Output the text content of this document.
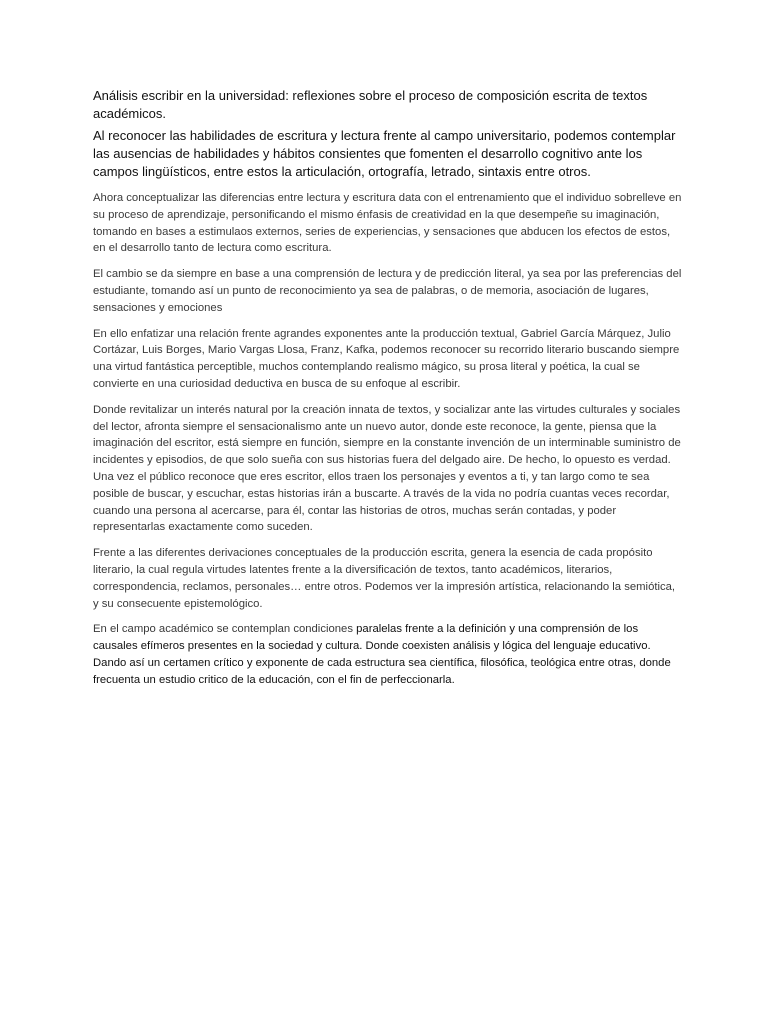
Análisis escribir en la universidad: reflexiones sobre el proceso de composición escrita de textos académicos.

Al reconocer las habilidades de escritura y lectura frente al campo universitario, podemos contemplar las ausencias de habilidades y hábitos consientes que fomenten el desarrollo cognitivo ante los campos lingüísticos, entre estos la articulación, ortografía, letrado, sintaxis entre otros.

Ahora conceptualizar las diferencias entre lectura y escritura data con el entrenamiento que el individuo sobrelleve en su proceso de aprendizaje, personificando el mismo énfasis de creatividad en la que desempeñe su imaginación, tomando en bases a estimulaos externos, series de experiencias, y sensaciones que abducen los efectos de estos, en el desarrollo tanto de lectura como escritura.

El cambio se da siempre en base a una comprensión de lectura y de predicción literal, ya sea por las preferencias del estudiante, tomando así un punto de reconocimiento ya sea de palabras, o de memoria, asociación de lugares, sensaciones y emociones

En ello enfatizar una relación frente agrandes exponentes ante la producción textual, Gabriel García Márquez, Julio Cortázar, Luis Borges, Mario Vargas Llosa, Franz, Kafka, podemos reconocer su recorrido literario buscando siempre una virtud fantástica perceptible, muchos contemplando realismo mágico, su prosa literal y poética, la cual se convierte en una curiosidad deductiva en busca de su enfoque al escribir.

Donde revitalizar un interés natural por la creación innata de textos, y socializar ante las virtudes culturales y sociales del lector, afronta siempre el sensacionalismo ante un nuevo autor, donde este reconoce, la gente, piensa que la imaginación del escritor, está siempre en función, siempre en la constante invención de un interminable suministro de incidentes y episodios, de que solo sueña con sus historias fuera del delgado aire. De hecho, lo opuesto es verdad. Una vez el público reconoce que eres escritor, ellos traen los personajes y eventos a ti, y tan largo como te sea posible de buscar, y escuchar, estas historias irán a buscarte. A través de la vida no podría cuantas veces recordar, cuando una persona al acercarse, para él, contar las historias de otros, muchas serán contadas, y poder representarlas exactamente como suceden.

Frente a las diferentes derivaciones conceptuales de la producción escrita, genera la esencia de cada propósito literario, la cual regula virtudes latentes frente a la diversificación de textos, tanto académicos, literarios, correspondencia, reclamos, personales… entre otros. Podemos ver la impresión artística, relacionando la semiótica, y su consecuente epistemológico.

En el campo académico se contemplan condiciones paralelas frente a la definición y una comprensión de los causales efímeros presentes en la sociedad y cultura. Donde coexisten análisis y lógica del lenguaje educativo. Dando así un certamen crítico y exponente de cada estructura sea científica, filosófica, teológica entre otras, donde frecuenta un estudio critico de la educación, con el fin de perfeccionarla.
